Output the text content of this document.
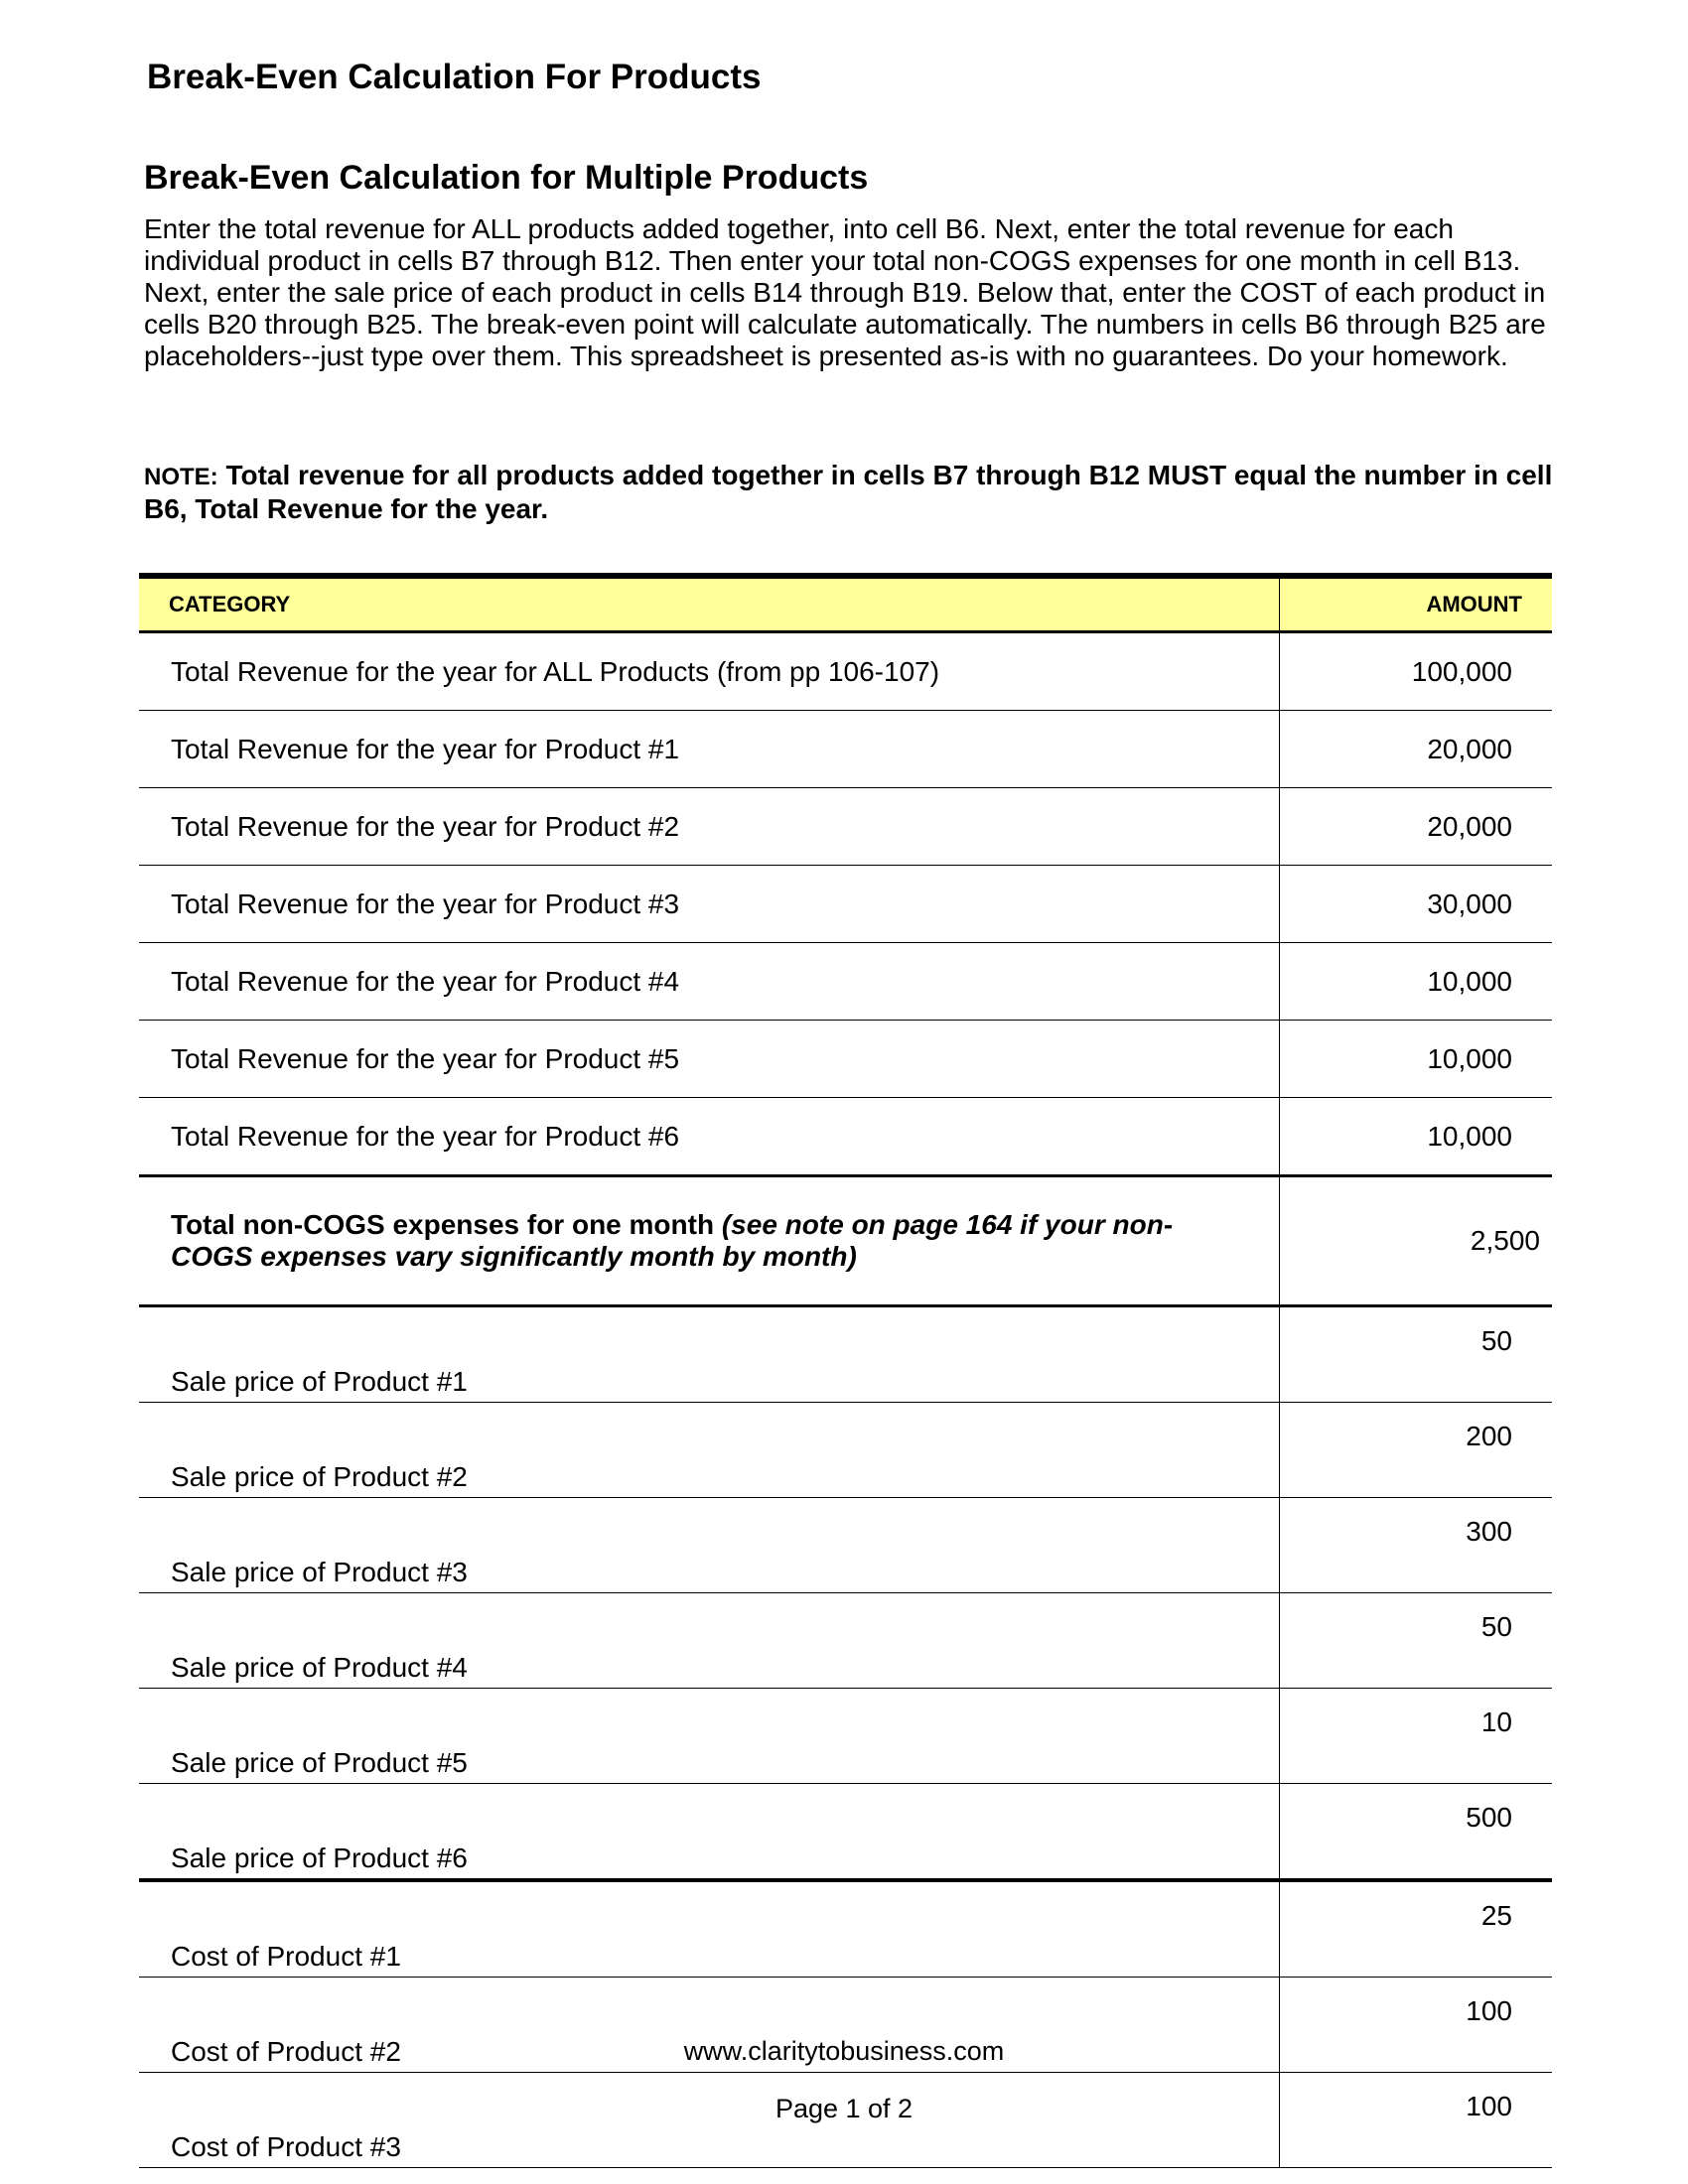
Break-Even Calculation For Products
Break-Even Calculation for Multiple Products

Enter the total revenue for ALL products added together, into cell B6. Next, enter the total revenue for each individual product in cells B7 through B12. Then enter your total non-COGS expenses for one month in cell B13. Next, enter the sale price of each product in cells B14 through B19. Below that, enter the COST of each product in cells B20 through B25. The break-even point will calculate automatically. The numbers in cells B6 through B25 are placeholders--just type over them. This spreadsheet is presented as-is with no guarantees. Do your homework.

NOTE: Total revenue for all products added together in cells B7 through B12 MUST equal the number in cell B6, Total Revenue for the year.

CATEGORY	AMOUNT
Total Revenue for the year for ALL Products (from pp 106-107)	100,000
Total Revenue for the year for Product #1	20,000
Total Revenue for the year for Product #2	20,000
Total Revenue for the year for Product #3	30,000
Total Revenue for the year for Product #4	10,000
Total Revenue for the year for Product #5	10,000
Total Revenue for the year for Product #6	10,000
Total non-COGS expenses for one month (see note on page 164 if your non-COGS expenses vary significantly month by month)	2,500
Sale price of Product #1	50
Sale price of Product #2	200
Sale price of Product #3	300
Sale price of Product #4	50
Sale price of Product #5	10
Sale price of Product #6	500
Cost of Product #1	25
Cost of Product #2	100
Cost of Product #3	100
www.claritytobusiness.com
Page 1 of 2
